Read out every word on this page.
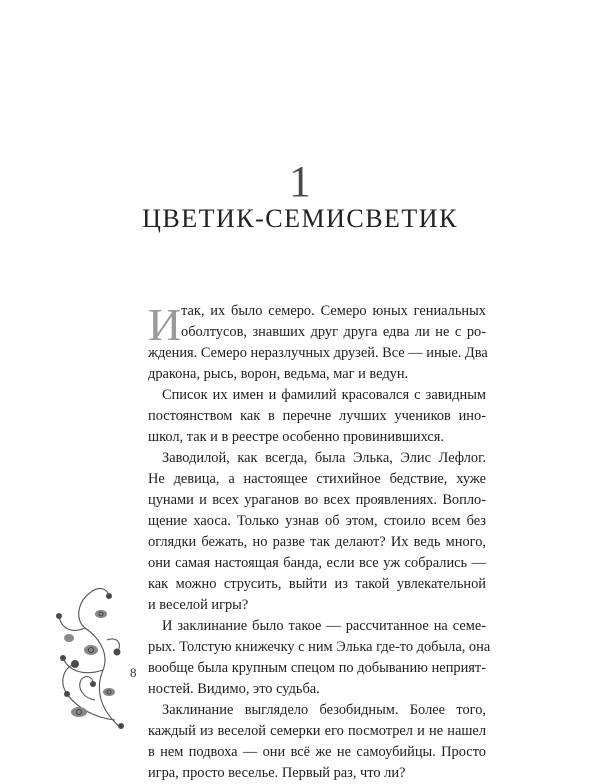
1
ЦВЕТИК-СЕМИСВЕТИК
И так, их было семеро. Семеро юных гениальных
оболтусов, знавших друг друга едва ли не с ро-
ждения. Семеро неразлучных друзей. Все — иные. Два
дракона, рысь, ворон, ведьма, маг и ведун.
Список их имен и фамилий красовался с завидным
постоянством как в перечне лучших учеников ино-
школ, так и в реестре особенно провинившихся.
Заводилой, как всегда, была Элька, Элис Лефлог.
Не девица, а настоящее стихийное бедствие, хуже
цунами и всех ураганов во всех проявлениях. Вопло-
щение хаоса. Только узнав об этом, стоило всем без
оглядки бежать, но разве так делают? Их ведь много,
они самая настоящая банда, если все уж собрались —
как можно струсить, выйти из такой увлекательной
и веселой игры?
И заклинание было такое — рассчитанное на семе-
рых. Толстую книжечку с ним Элька где-то добыла, она
вообще была крупным спецом по добыванию неприят-
ностей. Видимо, это судьба.
Заклинание выглядело безобидным. Более того,
каждый из веселой семерки его посмотрел и не нашел
в нем подвоха — они всё же не самоубийцы. Просто
игра, просто веселье. Первый раз, что ли?
8
